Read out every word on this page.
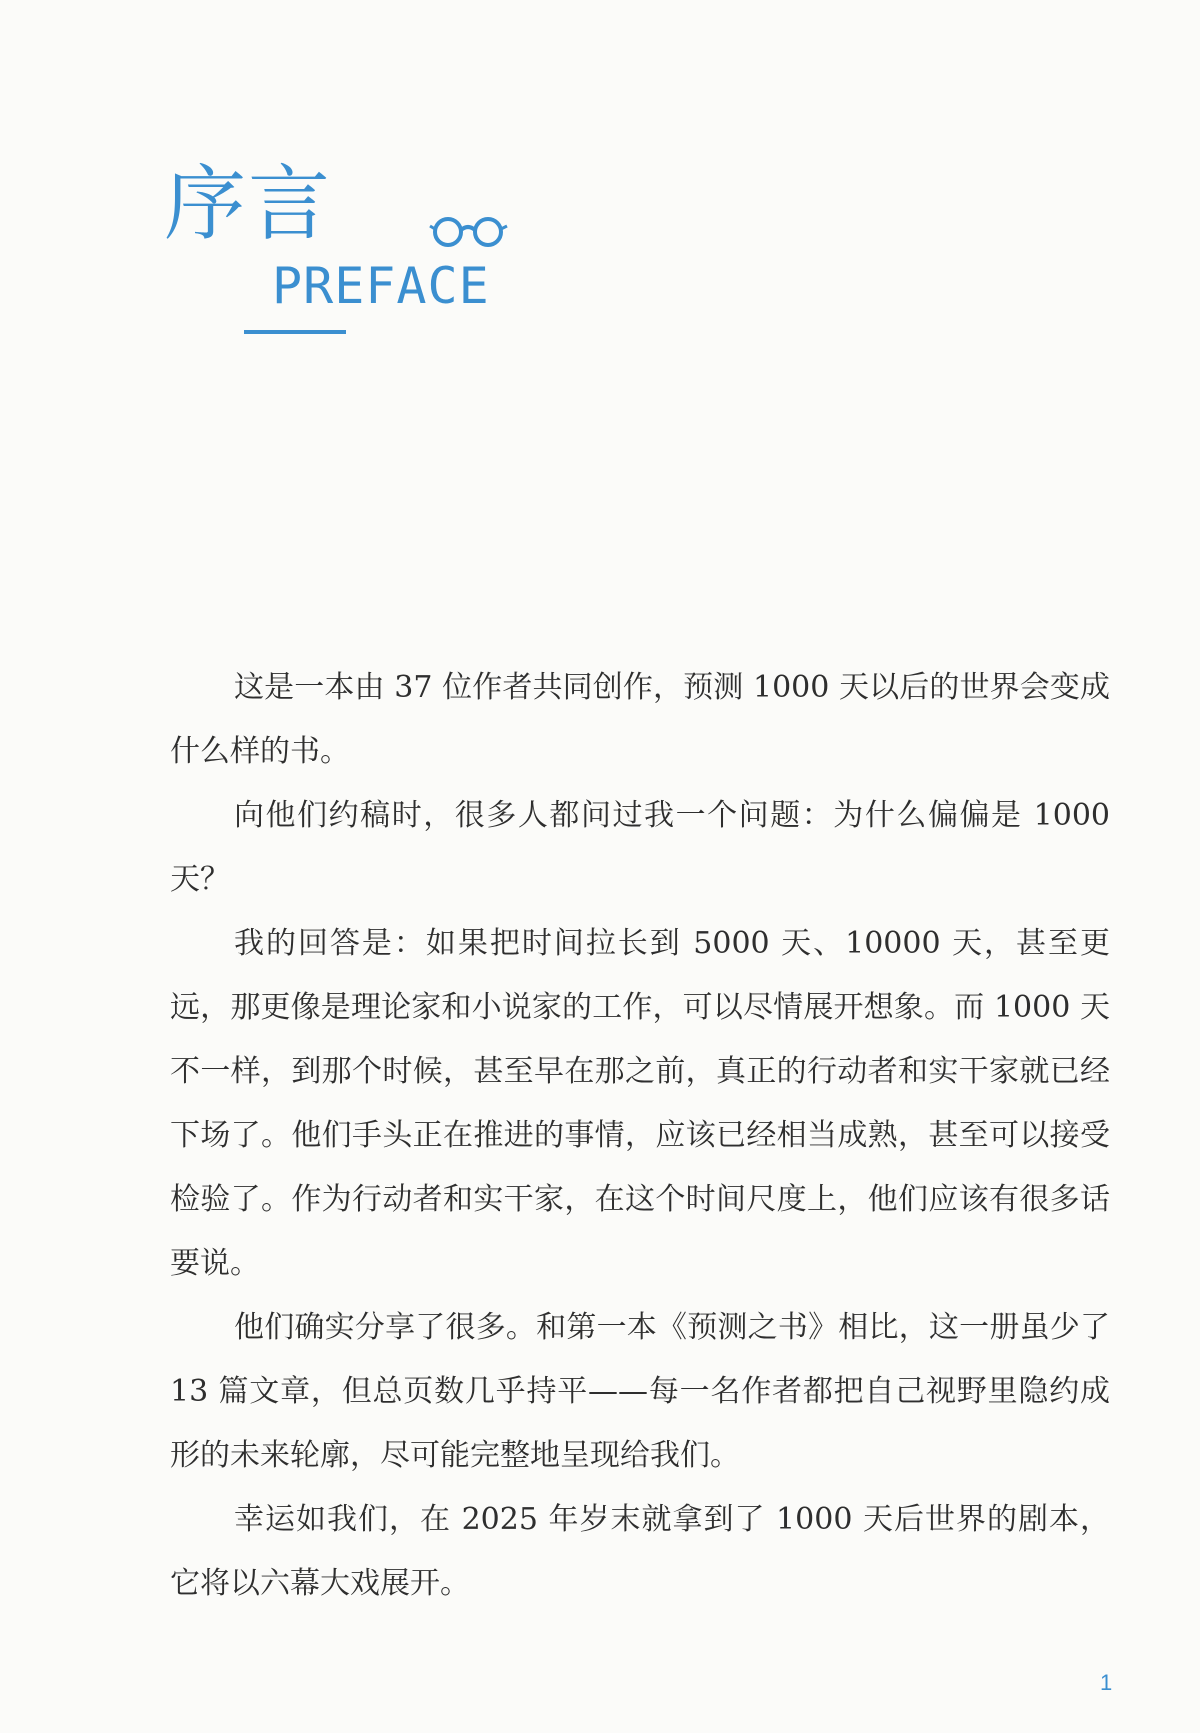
序言
PREFACE

这是一本由 37 位作者共同创作，预测 1000 天以后的世界会变成什么样的书。

向他们约稿时，很多人都问过我一个问题：为什么偏偏是 1000 天？

我的回答是：如果把时间拉长到 5000 天、10000 天，甚至更远，那更像是理论家和小说家的工作，可以尽情展开想象。而 1000 天不一样，到那个时候，甚至早在那之前，真正的行动者和实干家就已经下场了。他们手头正在推进的事情，应该已经相当成熟，甚至可以接受检验了。作为行动者和实干家，在这个时间尺度上，他们应该有很多话要说。

他们确实分享了很多。和第一本《预测之书》相比，这一册虽少了 13 篇文章，但总页数几乎持平——每一名作者都把自己视野里隐约成形的未来轮廓，尽可能完整地呈现给我们。

幸运如我们，在 2025 年岁末就拿到了 1000 天后世界的剧本，它将以六幕大戏展开。

1
